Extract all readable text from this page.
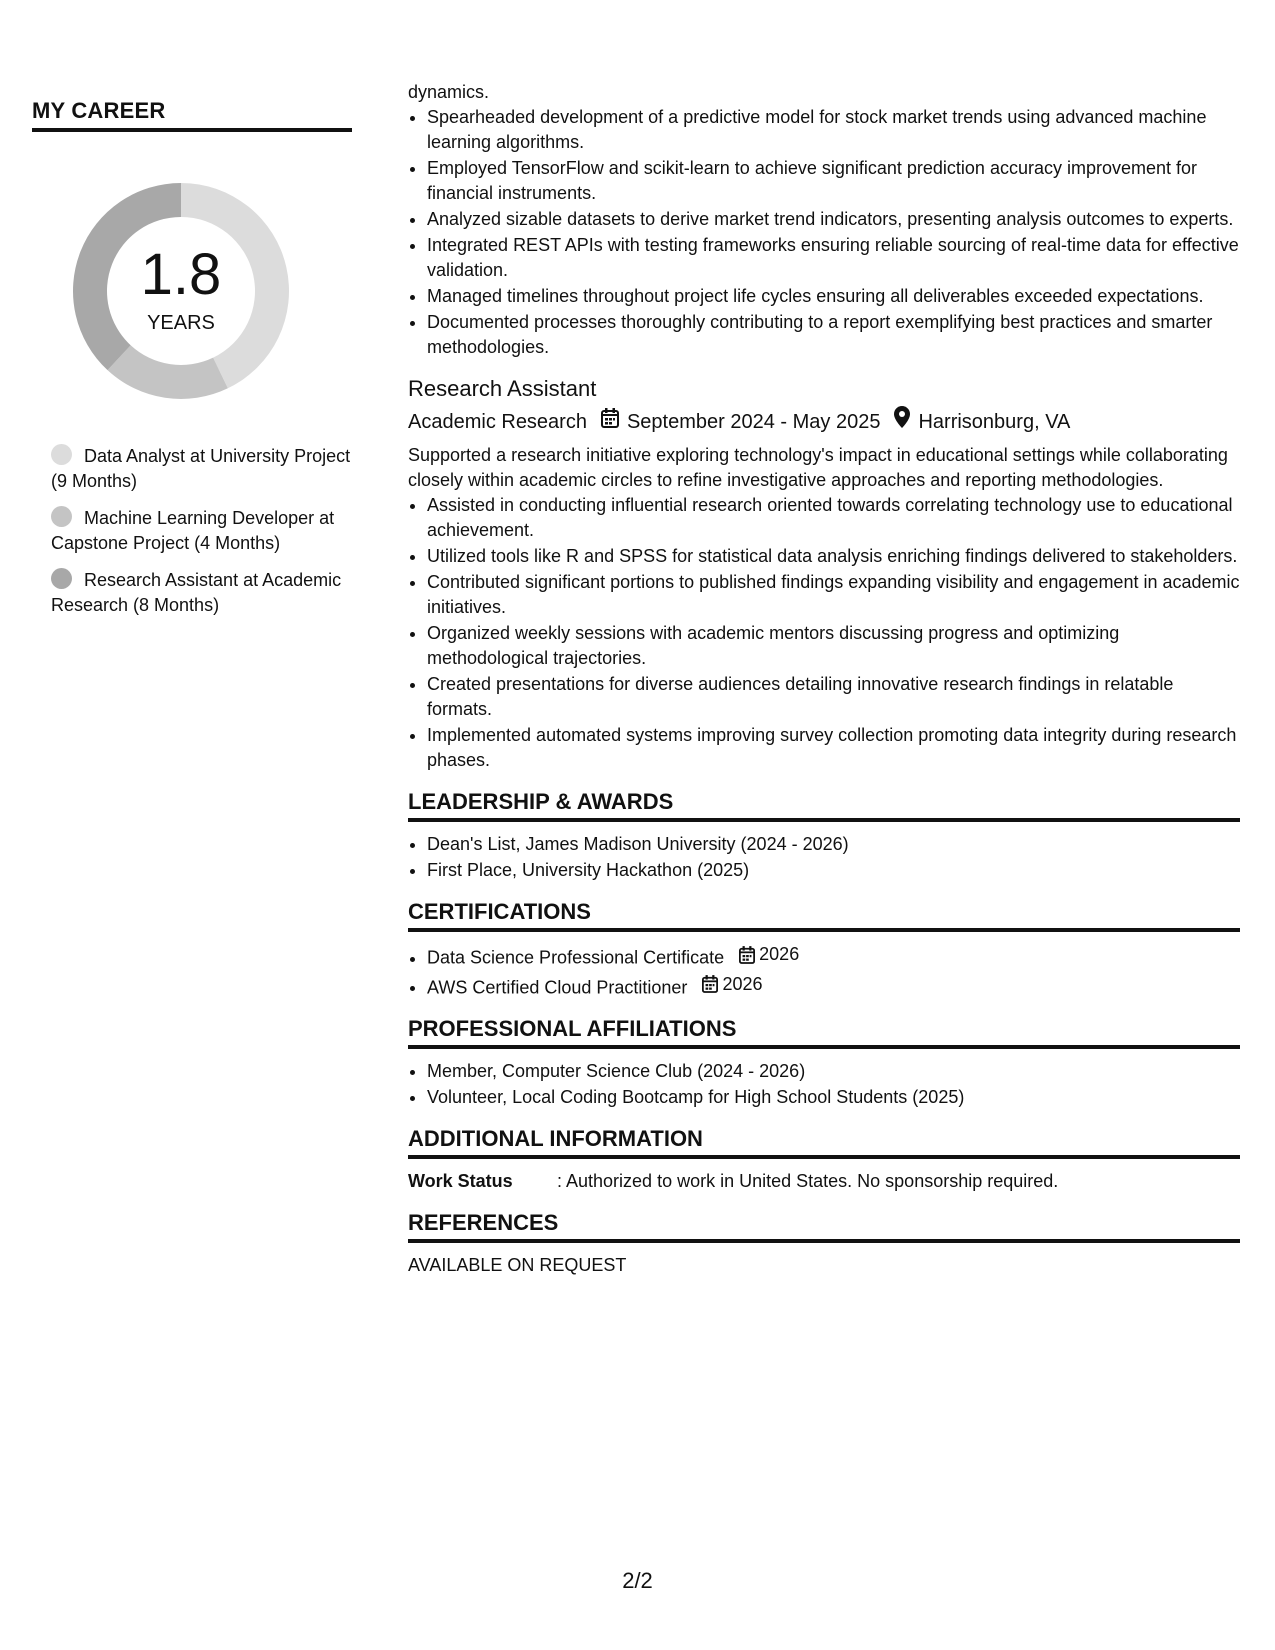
MY CAREER
1.8
YEARS
Data Analyst at University Project (9 Months)
Machine Learning Developer at Capstone Project (4 Months)
Research Assistant at Academic Research (8 Months)
dynamics.
• Spearheaded development of a predictive model for stock market trends using advanced machine learning algorithms.
• Employed TensorFlow and scikit-learn to achieve significant prediction accuracy improvement for financial instruments.
• Analyzed sizable datasets to derive market trend indicators, presenting analysis outcomes to experts.
• Integrated REST APIs with testing frameworks ensuring reliable sourcing of real-time data for effective validation.
• Managed timelines throughout project life cycles ensuring all deliverables exceeded expectations.
• Documented processes thoroughly contributing to a report exemplifying best practices and smarter methodologies.
Research Assistant
Academic Research September 2024 - May 2025 Harrisonburg, VA
Supported a research initiative exploring technology's impact in educational settings while collaborating closely within academic circles to refine investigative approaches and reporting methodologies.
• Assisted in conducting influential research oriented towards correlating technology use to educational achievement.
• Utilized tools like R and SPSS for statistical data analysis enriching findings delivered to stakeholders.
• Contributed significant portions to published findings expanding visibility and engagement in academic initiatives.
• Organized weekly sessions with academic mentors discussing progress and optimizing methodological trajectories.
• Created presentations for diverse audiences detailing innovative research findings in relatable formats.
• Implemented automated systems improving survey collection promoting data integrity during research phases.
LEADERSHIP & AWARDS
• Dean's List, James Madison University (2024 - 2026)
• First Place, University Hackathon (2025)
CERTIFICATIONS
• Data Science Professional Certificate 2026
• AWS Certified Cloud Practitioner 2026
PROFESSIONAL AFFILIATIONS
• Member, Computer Science Club (2024 - 2026)
• Volunteer, Local Coding Bootcamp for High School Students (2025)
ADDITIONAL INFORMATION
Work Status	: Authorized to work in United States. No sponsorship required.
REFERENCES
AVAILABLE ON REQUEST
2/2
